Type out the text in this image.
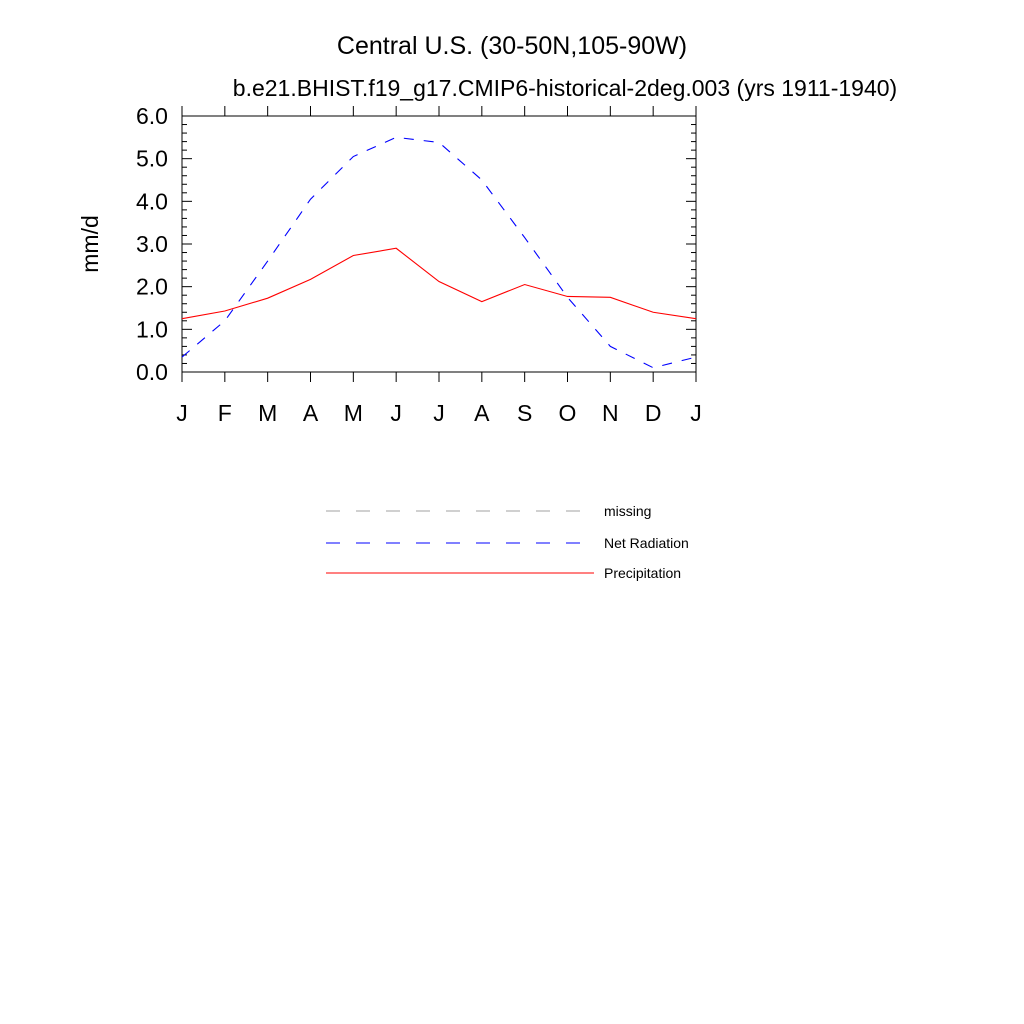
Central U.S. (30-50N,105-90W)
b.e21.BHIST.f19_g17.CMIP6-historical-2deg.003 (yrs 1911-1940)
mm/d
0.0
1.0
2.0
3.0
4.0
5.0
6.0
J F M A M J J A S O N D J
missing
Net Radiation
Precipitation
